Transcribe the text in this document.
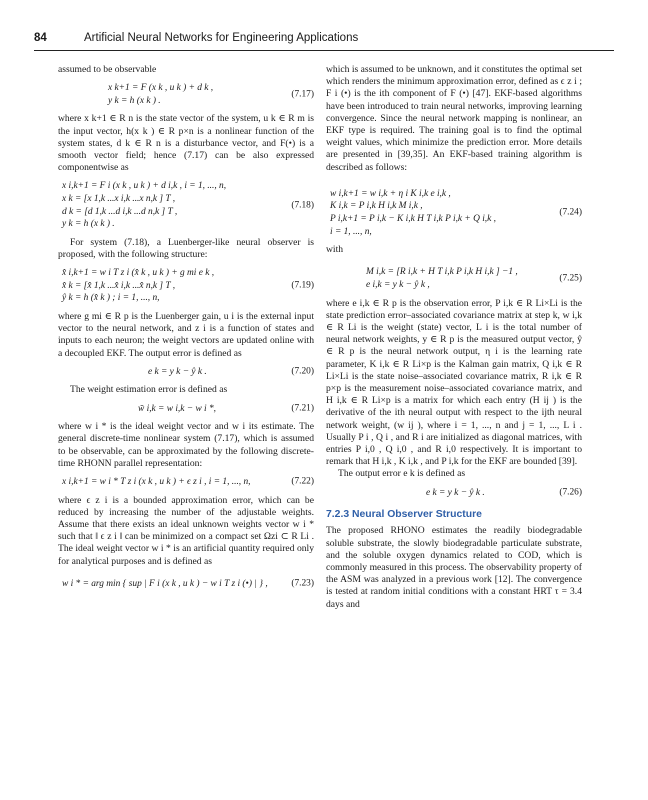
84	Artificial Neural Networks for Engineering Applications

assumed to be observable

x k+1 = F (x k , u k ) + d k ,
y k = h (x k ) .
(7.17)

where x k+1 ∈ R n is the state vector of the system, u k ∈ R m is the input vector, h(x k ) ∈ R p×n is a nonlinear function of the system states, d k ∈ R n is a disturbance vector, and F(•) is a smooth vector field; hence (7.17) can be also expressed componentwise as

x i,k+1 = F i (x k , u k ) + d i,k , i = 1, ..., n,
x k = [x 1,k ...x i,k ...x n,k ] T ,
d k = [d 1,k ...d i,k ...d n,k ] T ,
y k = h (x k ) .
(7.18)

For system (7.18), a Luenberger-like neural observer is proposed, with the following structure:

x̂ i,k+1 = w i T z i (x̂ k , u k ) + g mi e k ,
x̂ k = [x̂ 1,k ...x̂ i,k ...x̂ n,k ] T ,
ŷ k = h (x̂ k ) ; i = 1, ..., n,
(7.19)

where g mi ∈ R p is the Luenberger gain, u i is the external input vector to the neural network, and z i is a function of states and inputs to each neuron; the weight vectors are updated online with a decoupled EKF. The output error is defined as

e k = y k − ŷ k .	(7.20)

The weight estimation error is defined as

w̃ i,k = w i,k − w i *,	(7.21)

where w i * is the ideal weight vector and w i its estimate. The general discrete-time nonlinear system (7.17), which is assumed to be observable, can be approximated by the following discrete-time RHONN parallel representation:

x i,k+1 = w i * T z i (x k , u k ) + ϵ z i , i = 1, ..., n,	(7.22)

where ϵ z i is a bounded approximation error, which can be reduced by increasing the number of the adjustable weights. Assume that there exists an ideal unknown weights vector w i * such that ‖ ϵ z i ‖ can be minimized on a compact set Ωzi ⊂ R Li . The ideal weight vector w i * is an artificial quantity required only for analytical purposes and is defined as

w i * = arg min { sup | F i (x k , u k ) − w i T z i (•) | } ,	(7.23)

which is assumed to be unknown, and it constitutes the optimal set which renders the minimum approximation error, defined as ϵ z i ; F i (•) is the ith component of F (•) [47]. EKF-based algorithms have been introduced to train neural networks, improving learning convergence. Since the neural network mapping is nonlinear, an EKF type is required. The training goal is to find the optimal weight values, which minimize the prediction error. More details are presented in [39,35]. An EKF-based training algorithm is described as follows:

w i,k+1 = w i,k + η i K i,k e i,k ,
K i,k = P i,k H i,k M i,k ,
P i,k+1 = P i,k − K i,k H T i,k P i,k + Q i,k ,
i = 1, ..., n,
(7.24)

with

M i,k = [R i,k + H T i,k P i,k H i,k ] −1 ,
e i,k = y k − ŷ k ,
(7.25)

where e i,k ∈ R p is the observation error, P i,k ∈ R Li×Li is the state prediction error–associated covariance matrix at step k, w i,k ∈ R Li is the weight (state) vector, L i is the total number of neural network weights, y ∈ R p is the measured output vector, ŷ ∈ R p is the neural network output, η i is the learning rate parameter, K i,k ∈ R Li×p is the Kalman gain matrix, Q i,k ∈ R Li×Li is the state noise–associated covariance matrix, R i,k ∈ R p×p is the measurement noise–associated covariance matrix, and H i,k ∈ R Li×p is a matrix for which each entry (H ij ) is the derivative of the ith neural output with respect to the ijth neural network weight, (w ij ), where i = 1, ..., n and j = 1, ..., L i . Usually P i , Q i , and R i are initialized as diagonal matrices, with entries P i,0 , Q i,0 , and R i,0 respectively. It is important to remark that H i,k , K i,k , and P i,k for the EKF are bounded [39].

The output error e k is defined as

e k = y k − ŷ k .	(7.26)
7.2.3 Neural Observer Structure

The proposed RHONO estimates the readily biodegradable soluble substrate, the slowly biodegradable particulate substrate, and the soluble oxygen dynamics related to COD, which is commonly measured in this process. The observability property of the ASM was analyzed in a previous work [12]. The convergence is tested at random initial conditions with a constant HRT τ = 3.4 days and
